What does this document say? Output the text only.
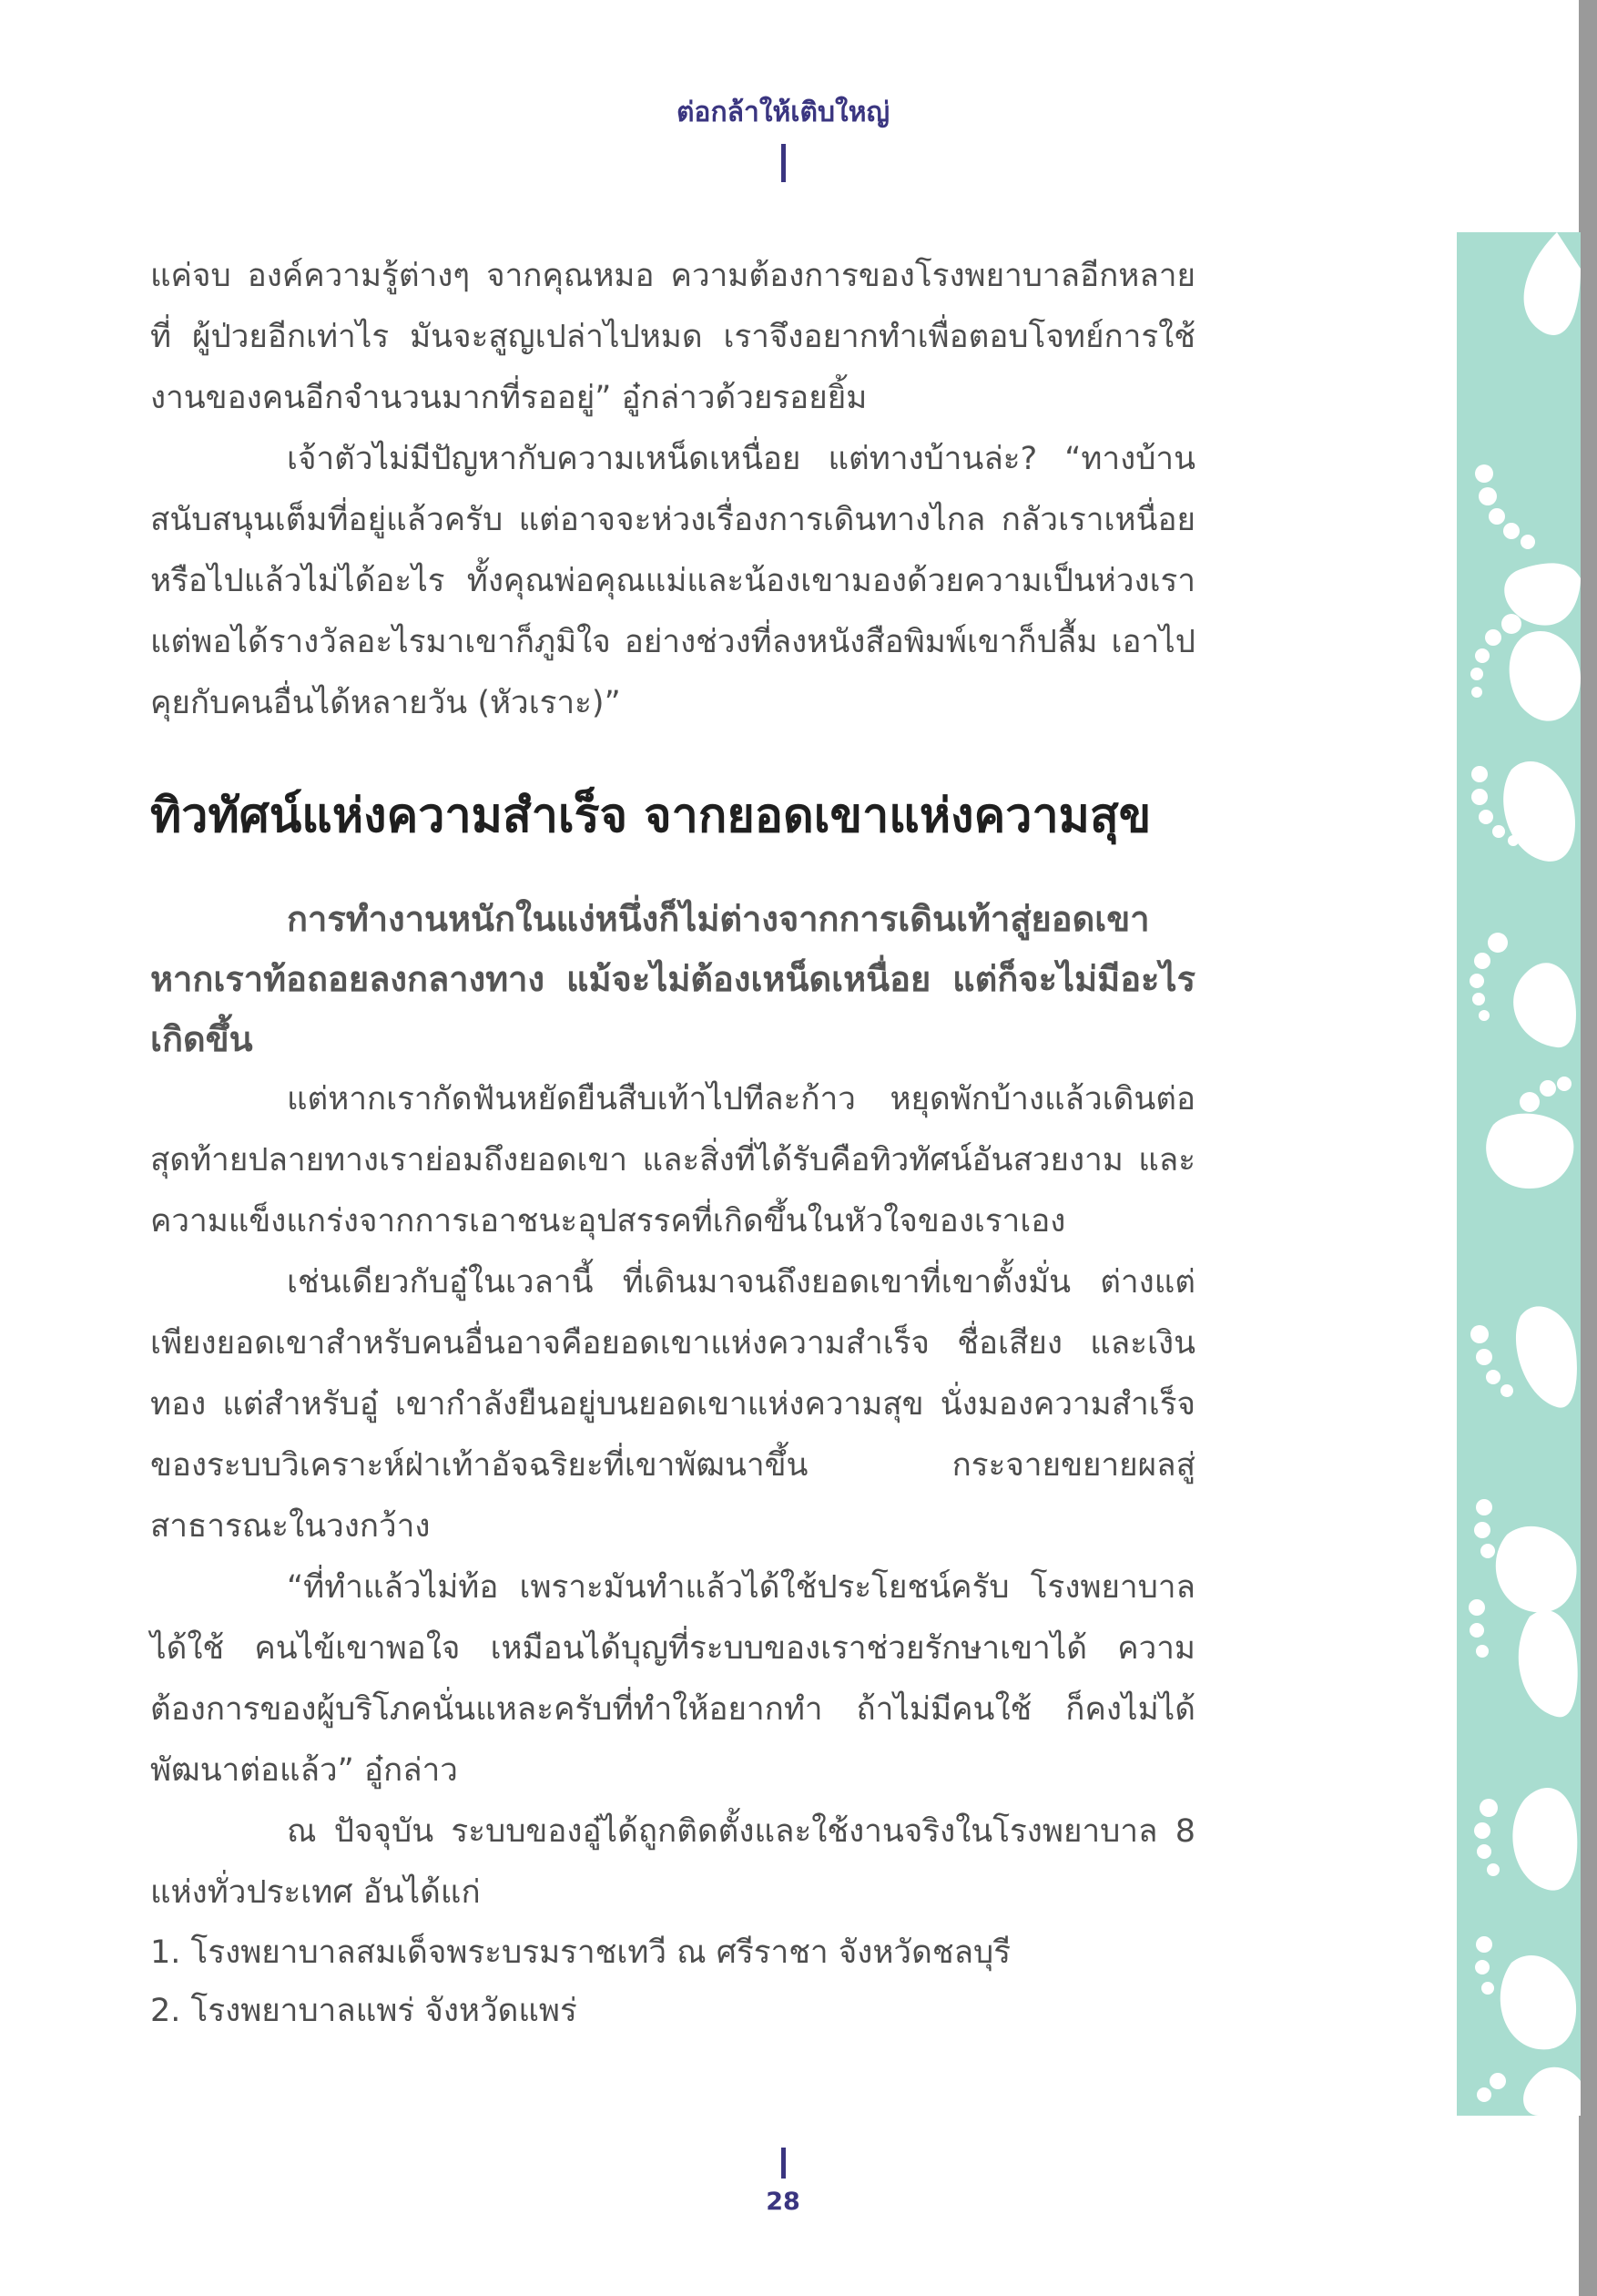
ต่อกล้าให้เติบใหญ่

แค่จบ องค์ความรู้ต่างๆ จากคุณหมอ ความต้องการของโรงพยาบาลอีกหลายที่ ผู้ป่วยอีกเท่าไร มันจะสูญเปล่าไปหมด เราจึงอยากทำเพื่อตอบโจทย์การใช้งานของคนอีกจำนวนมากที่รออยู่” อู๋กล่าวด้วยรอยยิ้ม

เจ้าตัวไม่มีปัญหากับความเหน็ดเหนื่อย แต่ทางบ้านล่ะ? “ทางบ้านสนับสนุนเต็มที่อยู่แล้วครับ แต่อาจจะห่วงเรื่องการเดินทางไกล กลัวเราเหนื่อยหรือไปแล้วไม่ได้อะไร ทั้งคุณพ่อคุณแม่และน้องเขามองด้วยความเป็นห่วงเรา แต่พอได้รางวัลอะไรมาเขาก็ภูมิใจ อย่างช่วงที่ลงหนังสือพิมพ์เขาก็ปลื้ม เอาไปคุยกับคนอื่นได้หลายวัน (หัวเราะ)”

ทิวทัศน์แห่งความสำเร็จ จากยอดเขาแห่งความสุข

การทำงานหนักในแง่หนึ่งก็ไม่ต่างจากการเดินเท้าสู่ยอดเขา หากเราท้อถอยลงกลางทาง แม้จะไม่ต้องเหน็ดเหนื่อย แต่ก็จะไม่มีอะไรเกิดขึ้น

แต่หากเรากัดฟันหยัดยืนสืบเท้าไปทีละก้าว หยุดพักบ้างแล้วเดินต่อ สุดท้ายปลายทางเราย่อมถึงยอดเขา และสิ่งที่ได้รับคือทิวทัศน์อันสวยงาม และความแข็งแกร่งจากการเอาชนะอุปสรรคที่เกิดขึ้นในหัวใจของเราเอง

เช่นเดียวกับอู๋ในเวลานี้ ที่เดินมาจนถึงยอดเขาที่เขาตั้งมั่น ต่างแต่เพียงยอดเขาสำหรับคนอื่นอาจคือยอดเขาแห่งความสำเร็จ ชื่อเสียง และเงินทอง แต่สำหรับอู๋ เขากำลังยืนอยู่บนยอดเขาแห่งความสุข นั่งมองความสำเร็จของระบบวิเคราะห์ฝ่าเท้าอัจฉริยะที่เขาพัฒนาขึ้น กระจายขยายผลสู่สาธารณะในวงกว้าง

“ที่ทำแล้วไม่ท้อ เพราะมันทำแล้วได้ใช้ประโยชน์ครับ โรงพยาบาลได้ใช้ คนไข้เขาพอใจ เหมือนได้บุญที่ระบบของเราช่วยรักษาเขาได้ ความต้องการของผู้บริโภคนั่นแหละครับที่ทำให้อยากทำ ถ้าไม่มีคนใช้ ก็คงไม่ได้พัฒนาต่อแล้ว” อู๋กล่าว

ณ ปัจจุบัน ระบบของอู๋ได้ถูกติดตั้งและใช้งานจริงในโรงพยาบาล 8 แห่งทั่วประเทศ อันได้แก่

1. โรงพยาบาลสมเด็จพระบรมราชเทวี ณ ศรีราชา จังหวัดชลบุรี

2. โรงพยาบาลแพร่ จังหวัดแพร่

28
